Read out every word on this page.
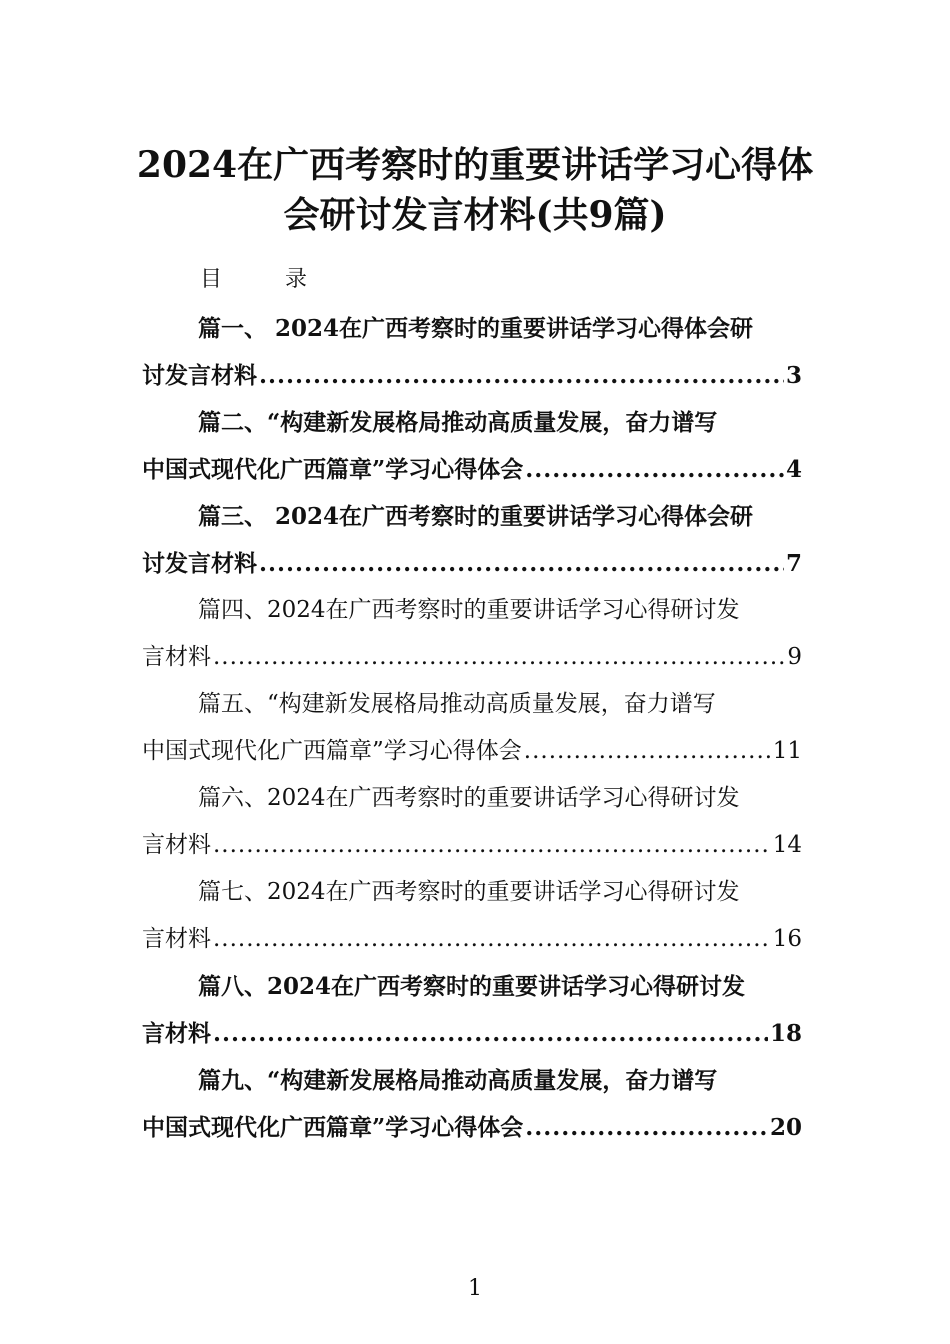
2024在广西考察时的重要讲话学习心得体
会研讨发言材料(共9篇)
目 录
篇一、 2024在广西考察时的重要讲话学习心得体会研
讨发言材料 .....	3
篇二、“构建新发展格局推动高质量发展，奋力谱写
中国式现代化广西篇章”学习心得体会 .....	4
篇三、 2024在广西考察时的重要讲话学习心得体会研
讨发言材料 .....	7
篇四、2024在广西考察时的重要讲话学习心得研讨发
言材料 .....	9
篇五、“构建新发展格局推动高质量发展，奋力谱写
中国式现代化广西篇章”学习心得体会 .....	11
篇六、2024在广西考察时的重要讲话学习心得研讨发
言材料 .....	14
篇七、2024在广西考察时的重要讲话学习心得研讨发
言材料 .....	16
篇八、2024在广西考察时的重要讲话学习心得研讨发
言材料 .....	18
篇九、“构建新发展格局推动高质量发展，奋力谱写
中国式现代化广西篇章”学习心得体会 .....	20
1
